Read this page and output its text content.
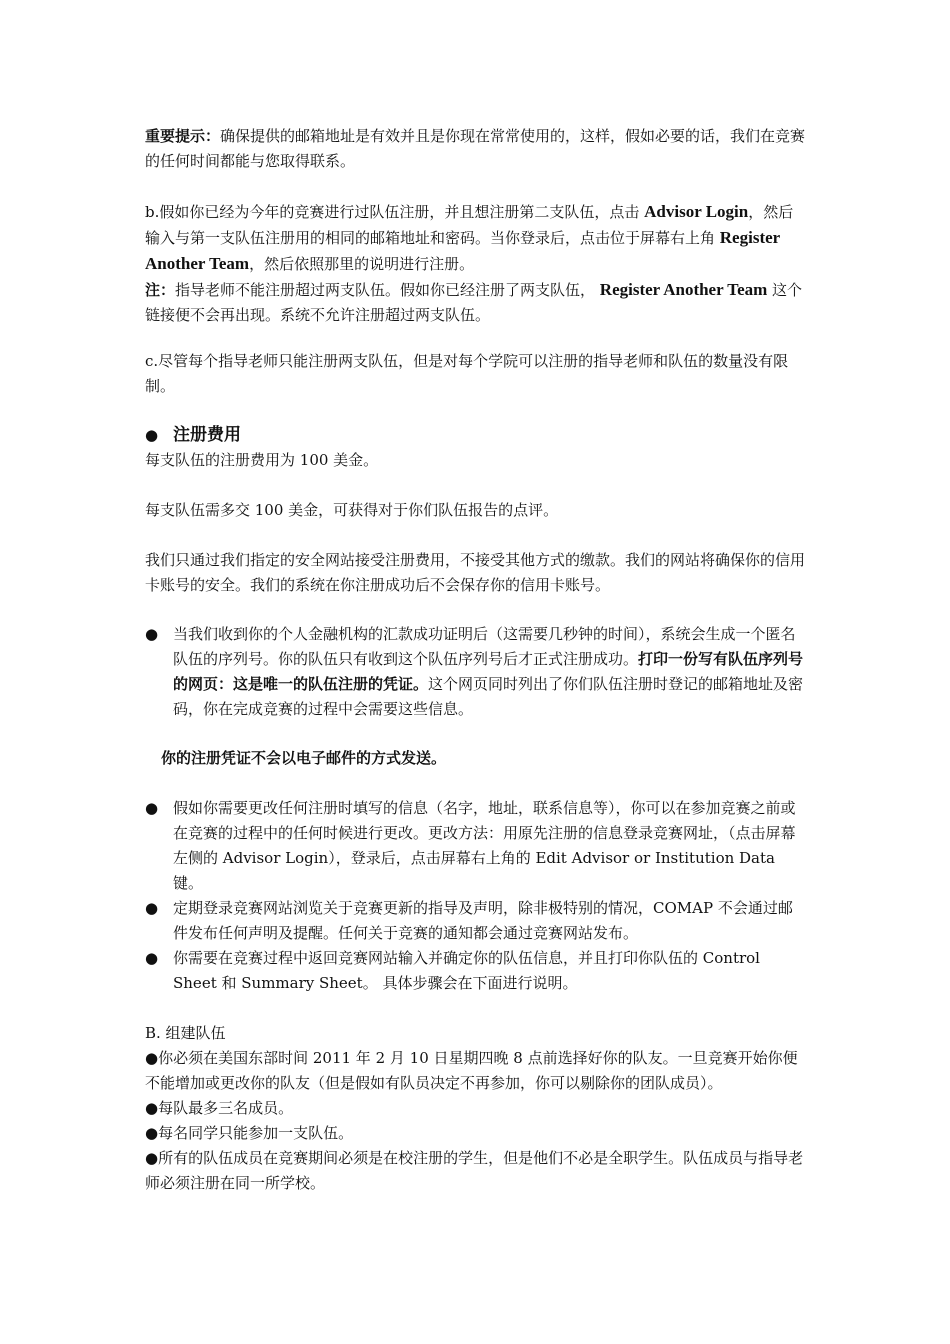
重要提示：确保提供的邮箱地址是有效并且是你现在常常使用的，这样，假如必要的话，我们在竞赛的任何时间都能与您取得联系。

b.假如你已经为今年的竞赛进行过队伍注册，并且想注册第二支队伍，点击 Advisor Login，然后输入与第一支队伍注册用的相同的邮箱地址和密码。当你登录后，点击位于屏幕右上角 Register Another Team，然后依照那里的说明进行注册。

注：指导老师不能注册超过两支队伍。假如你已经注册了两支队伍， Register Another Team 这个链接便不会再出现。系统不允许注册超过两支队伍。

c.尽管每个指导老师只能注册两支队伍，但是对每个学院可以注册的指导老师和队伍的数量没有限制。

● 注册费用

每支队伍的注册费用为 100 美金。

每支队伍需多交 100 美金，可获得对于你们队伍报告的点评。

我们只通过我们指定的安全网站接受注册费用，不接受其他方式的缴款。我们的网站将确保你的信用卡账号的安全。我们的系统在你注册成功后不会保存你的信用卡账号。

● 当我们收到你的个人金融机构的汇款成功证明后（这需要几秒钟的时间），系统会生成一个匿名队伍的序列号。你的队伍只有收到这个队伍序列号后才正式注册成功。打印一份写有队伍序列号的网页：这是唯一的队伍注册的凭证。这个网页同时列出了你们队伍注册时登记的邮箱地址及密码，你在完成竞赛的过程中会需要这些信息。

你的注册凭证不会以电子邮件的方式发送。

● 假如你需要更改任何注册时填写的信息（名字，地址，联系信息等），你可以在参加竞赛之前或在竞赛的过程中的任何时候进行更改。更改方法：用原先注册的信息登录竞赛网址，（点击屏幕左侧的 Advisor Login），登录后，点击屏幕右上角的 Edit Advisor or Institution Data 键。

● 定期登录竞赛网站浏览关于竞赛更新的指导及声明，除非极特别的情况，COMAP 不会通过邮件发布任何声明及提醒。任何关于竞赛的通知都会通过竞赛网站发布。

● 你需要在竞赛过程中返回竞赛网站输入并确定你的队伍信息，并且打印你队伍的 Control Sheet 和 Summary Sheet。 具体步骤会在下面进行说明。

B. 组建队伍

●你必须在美国东部时间 2011 年 2 月 10 日星期四晚 8 点前选择好你的队友。一旦竞赛开始你便不能增加或更改你的队友（但是假如有队员决定不再参加，你可以剔除你的团队成员）。

●每队最多三名成员。

●每名同学只能参加一支队伍。

●所有的队伍成员在竞赛期间必须是在校注册的学生，但是他们不必是全职学生。队伍成员与指导老师必须注册在同一所学校。
